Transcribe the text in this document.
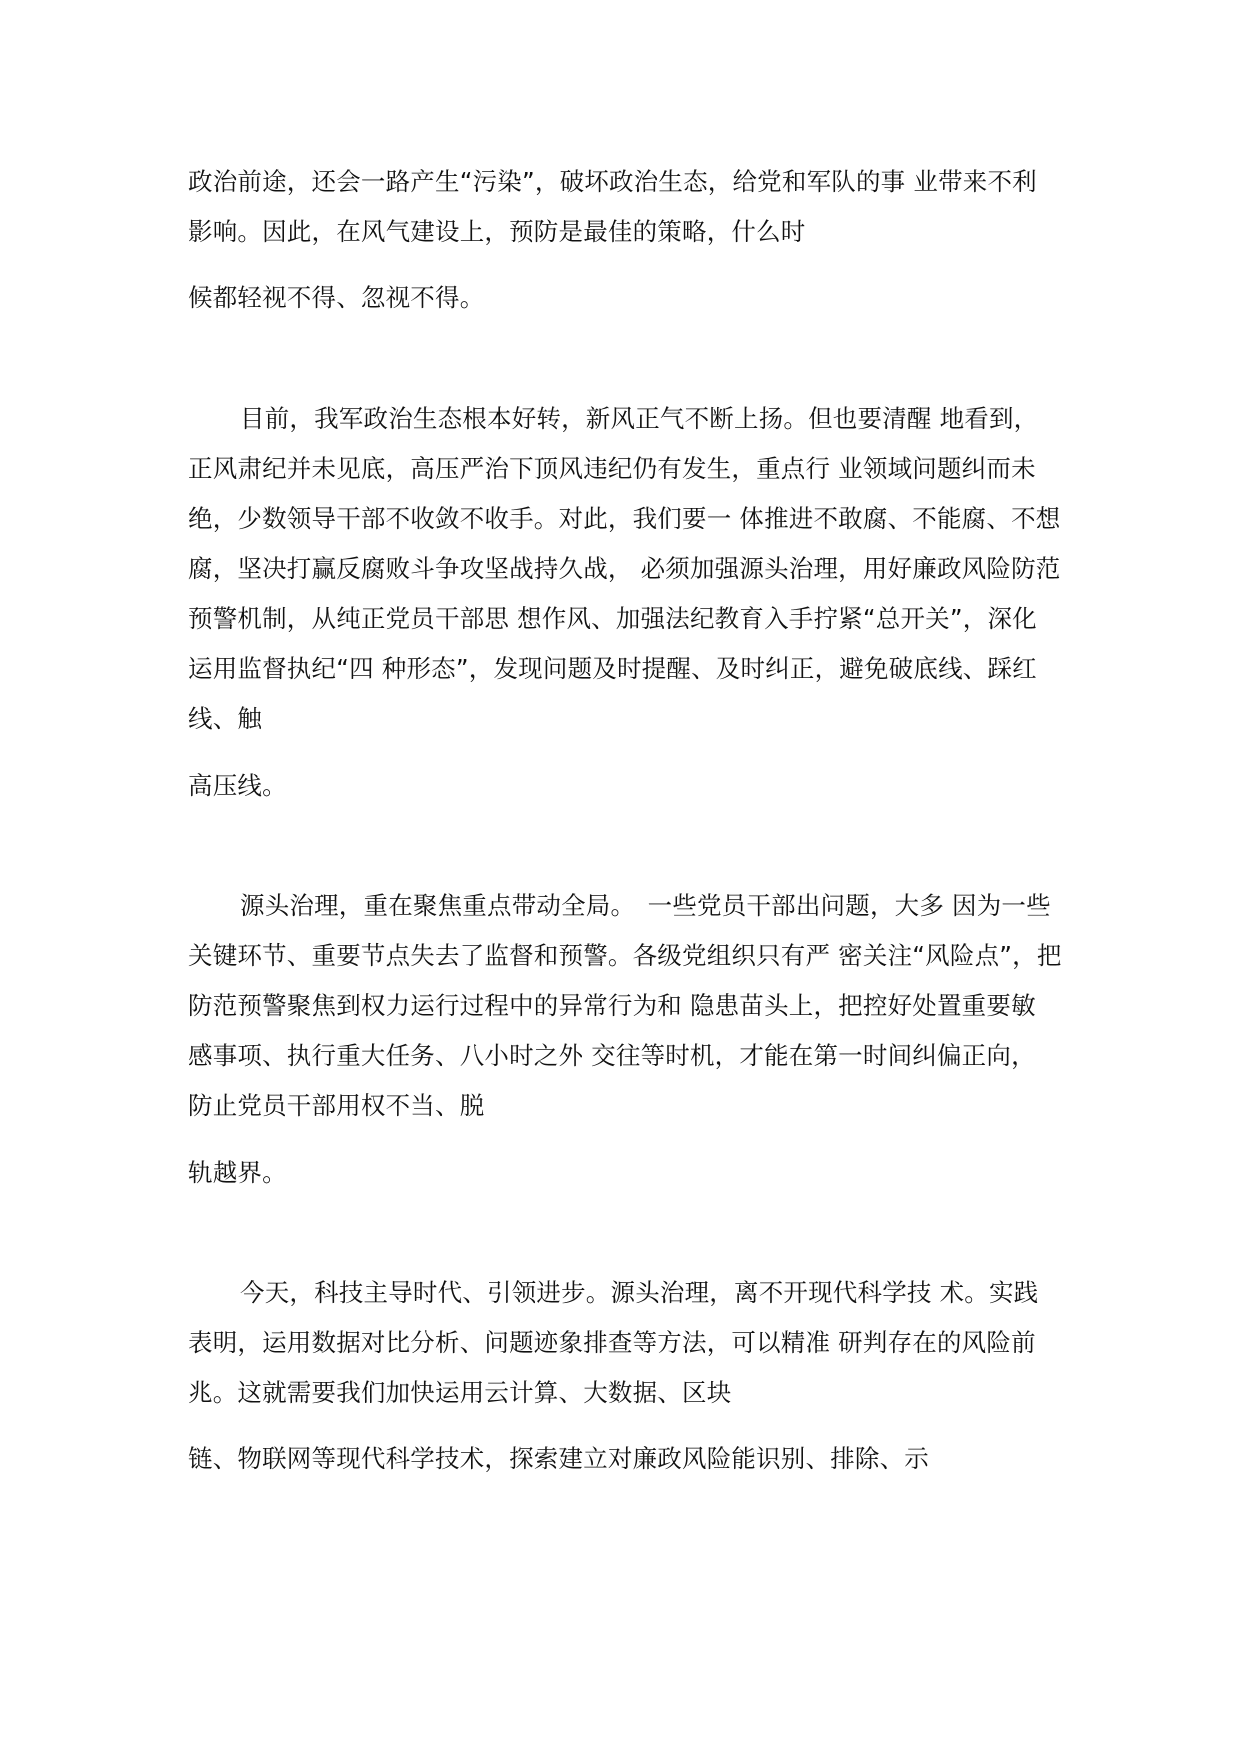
政治前途，还会一路产生“污染”，破坏政治生态，给党和军队的事 业带来不利
影响。因此，在风气建设上，预防是最佳的策略，什么时
候都轻视不得、忽视不得。
目前，我军政治生态根本好转，新风正气不断上扬。但也要清醒 地看到，
正风肃纪并未见底，高压严治下顶风违纪仍有发生，重点行 业领域问题纠而未
绝，少数领导干部不收敛不收手。对此，我们要一 体推进不敢腐、不能腐、不想
腐，坚决打赢反腐败斗争攻坚战持久战， 必须加强源头治理，用好廉政风险防范
预警机制，从纯正党员干部思 想作风、加强法纪教育入手拧紧“总开关”，深化
运用监督执纪“四 种形态”，发现问题及时提醒、及时纠正，避免破底线、踩红
线、触
高压线。
源头治理，重在聚焦重点带动全局。　一些党员干部出问题，大多 因为一些
关键环节、重要节点失去了监督和预警。各级党组织只有严 密关注“风险点”，把
防范预警聚焦到权力运行过程中的异常行为和 隐患苗头上，把控好处置重要敏
感事项、执行重大任务、八小时之外 交往等时机，才能在第一时间纠偏正向，
防止党员干部用权不当、脱
轨越界。
今天，科技主导时代、引领进步。源头治理，离不开现代科学技 术。实践
表明，运用数据对比分析、问题迹象排查等方法，可以精准 研判存在的风险前
兆。这就需要我们加快运用云计算、大数据、区块
链、物联网等现代科学技术，探索建立对廉政风险能识别、排除、示
